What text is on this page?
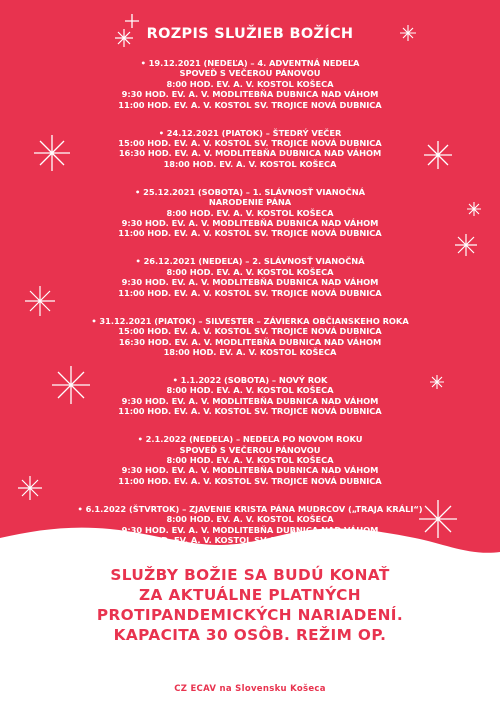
ROZPIS SLUŽIEB BOŽÍCH
• 19.12.2021 (NEDEĽA) – 4. ADVENTNÁ NEDEĽA
SPOVEĎ S VEČEROU PÁNOVOU
8:00 HOD. EV. A. V. KOSTOL KOŠECA
9:30 HOD. EV. A. V. MODLITEBŇA DUBNICA NAD VÁHOM
11:00 HOD. EV. A. V. KOSTOL SV. TROJICE NOVÁ DUBNICA
• 24.12.2021 (PIATOK) – ŠTEDRÝ VEČER
15:00 HOD. EV. A. V. KOSTOL SV. TROJICE NOVÁ DUBNICA
16:30 HOD. EV. A. V. MODLITEBŇA DUBNICA NAD VÁHOM
18:00 HOD. EV. A. V. KOSTOL KOŠECA
• 25.12.2021 (SOBOTA) – 1. SLÁVNOSŤ VIANOČNÁ
NARODENIE PÁNA
8:00 HOD. EV. A. V. KOSTOL KOŠECA
9:30 HOD. EV. A. V. MODLITEBŇA DUBNICA NAD VÁHOM
11:00 HOD. EV. A. V. KOSTOL SV. TROJICE NOVÁ DUBNICA
• 26.12.2021 (NEDEĽA) – 2. SLÁVNOSŤ VIANOČNÁ
8:00 HOD. EV. A. V. KOSTOL KOŠECA
9:30 HOD. EV. A. V. MODLITEBŇA DUBNICA NAD VÁHOM
11:00 HOD. EV. A. V. KOSTOL SV. TROJICE NOVÁ DUBNICA
• 31.12.2021 (PIATOK) – SILVESTER – ZÁVIERKA OBČIANSKEHO ROKA
15:00 HOD. EV. A. V. KOSTOL SV. TROJICE NOVÁ DUBNICA
16:30 HOD. EV. A. V. MODLITEBŇA DUBNICA NAD VÁHOM
18:00 HOD. EV. A. V. KOSTOL KOŠECA
• 1.1.2022 (SOBOTA) – NOVÝ ROK
8:00 HOD. EV. A. V. KOSTOL KOŠECA
9:30 HOD. EV. A. V. MODLITEBŇA DUBNICA NAD VÁHOM
11:00 HOD. EV. A. V. KOSTOL SV. TROJICE NOVÁ DUBNICA
• 2.1.2022 (NEDEĽA) – NEDEĽA PO NOVOM ROKU
SPOVEĎ S VEČEROU PÁNOVOU
8:00 HOD. EV. A. V. KOSTOL KOŠECA
9:30 HOD. EV. A. V. MODLITEBŇA DUBNICA NAD VÁHOM
11:00 HOD. EV. A. V. KOSTOL SV. TROJICE NOVÁ DUBNICA
• 6.1.2022 (ŠTVRTOK) – ZJAVENIE KRISTA PÁNA MUDRCOV („TRAJA KRÁLI“)
8:00 HOD. EV. A. V. KOSTOL KOŠECA
9:30 HOD. EV. A. V. MODLITEBŇA DUBNICA NAD VÁHOM
11:00 HOD. EV. A. V. KOSTOL SV. TROJICE NOVÁ DUBNICA
SLUŽBY BOŽIE SA BUDÚ KONAŤ
ZA AKTUÁLNE PLATNÝCH
PROTIPANDEMICKÝCH NARIADENÍ.
KAPACITA 30 OSÔB. REŽIM OP.
CZ ECAV na Slovensku Košeca
